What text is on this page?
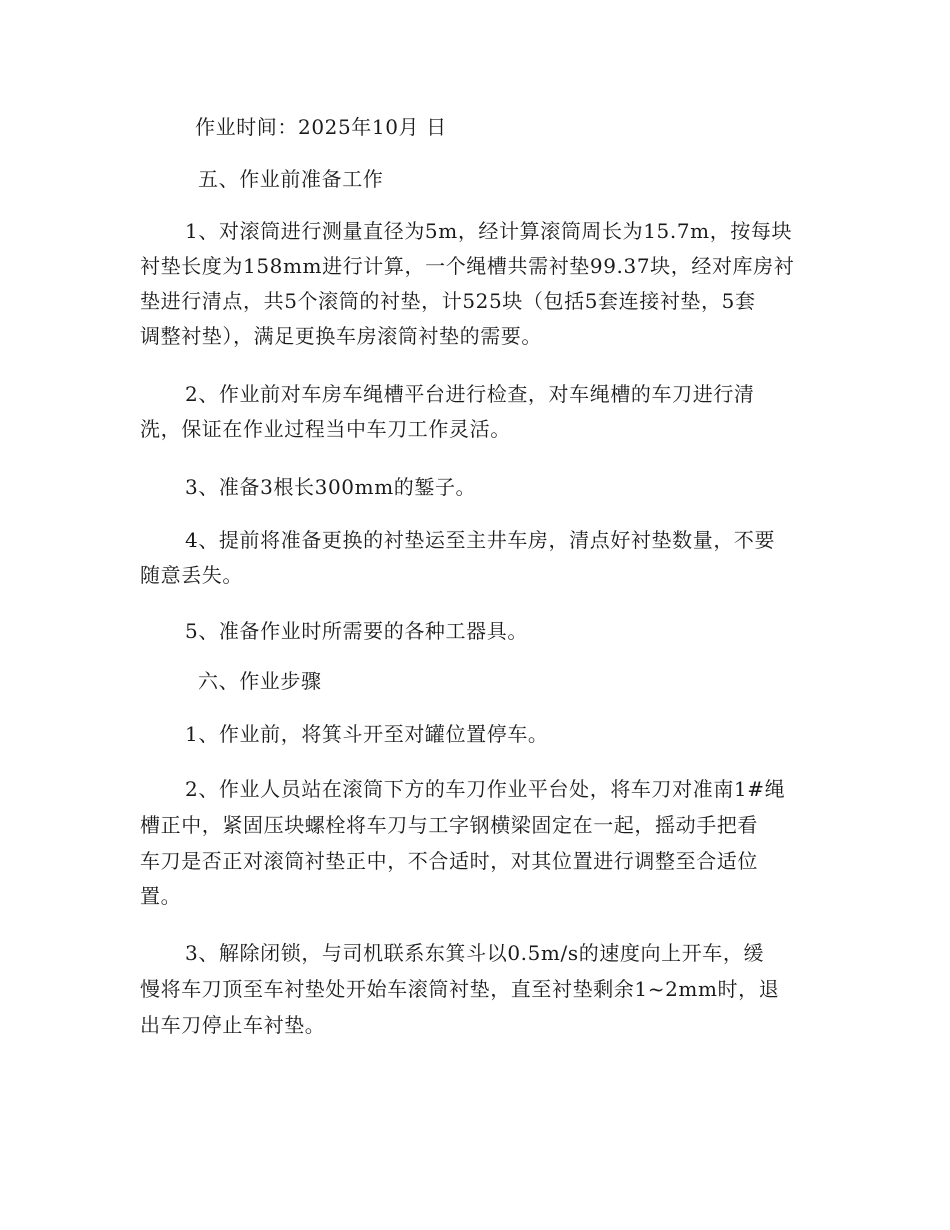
作业时间：2025年10月 日
五、作业前准备工作
1、对滚筒进行测量直径为5m，经计算滚筒周长为15.7m，按每块
衬垫长度为158mm进行计算，一个绳槽共需衬垫99.37块，经对库房衬
垫进行清点，共5个滚筒的衬垫，计525块（包括5套连接衬垫，5套
调整衬垫），满足更换车房滚筒衬垫的需要。
2、作业前对车房车绳槽平台进行检查，对车绳槽的车刀进行清
洗，保证在作业过程当中车刀工作灵活。
3、准备3根长300mm的錾子。
4、提前将准备更换的衬垫运至主井车房，清点好衬垫数量，不要
随意丢失。
5、准备作业时所需要的各种工器具。
六、作业步骤
1、作业前，将箕斗开至对罐位置停车。
2、作业人员站在滚筒下方的车刀作业平台处，将车刀对准南1#绳
槽正中，紧固压块螺栓将车刀与工字钢横梁固定在一起，摇动手把看
车刀是否正对滚筒衬垫正中，不合适时，对其位置进行调整至合适位
置。
3、解除闭锁，与司机联系东箕斗以0.5m/s的速度向上开车，缓
慢将车刀顶至车衬垫处开始车滚筒衬垫，直至衬垫剩余1~2mm时，退
出车刀停止车衬垫。
